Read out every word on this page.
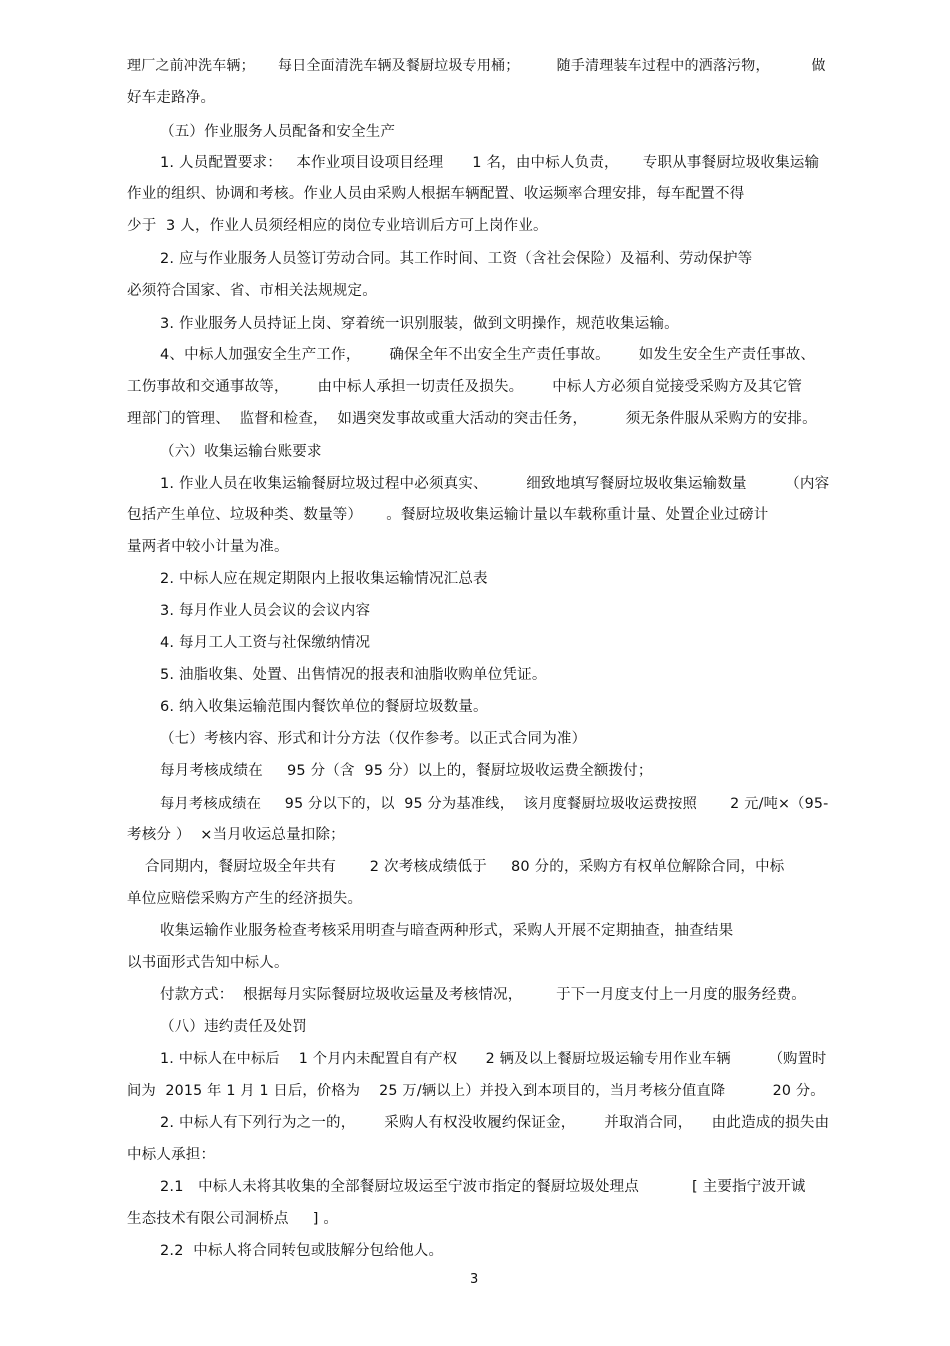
理厂之前冲洗车辆；     每日全面清洗车辆及餐厨垃圾专用桶；        随手清理装车过程中的洒落污物，         做
好车走路净。
（五）作业服务人员配备和安全生产
1. 人员配置要求：   本作业项目设项目经理      1 名，由中标人负责，     专职从事餐厨垃圾收集运输
作业的组织、协调和考核。作业人员由采购人根据车辆配置、收运频率合理安排，每车配置不得
少于  3 人，作业人员须经相应的岗位专业培训后方可上岗作业。
2. 应与作业服务人员签订劳动合同。其工作时间、工资（含社会保险）及福利、劳动保护等
必须符合国家、省、市相关法规规定。
3. 作业服务人员持证上岗、穿着统一识别服装，做到文明操作，规范收集运输。
4、中标人加强安全生产工作，      确保全年不出安全生产责任事故。      如发生安全生产责任事故、
工伤事故和交通事故等，      由中标人承担一切责任及损失。      中标人方必须自觉接受采购方及其它管
理部门的管理、  监督和检查，  如遇突发事故或重大活动的突击任务，        须无条件服从采购方的安排。
（六）收集运输台账要求
1. 作业人员在收集运输餐厨垃圾过程中必须真实、        细致地填写餐厨垃圾收集运输数量        （内容
包括产生单位、垃圾种类、数量等）     。餐厨垃圾收集运输计量以车载称重计量、处置企业过磅计
量两者中较小计量为准。
2. 中标人应在规定期限内上报收集运输情况汇总表
3. 每月作业人员会议的会议内容
4. 每月工人工资与社保缴纳情况
5. 油脂收集、处置、出售情况的报表和油脂收购单位凭证。
6. 纳入收集运输范围内餐饮单位的餐厨垃圾数量。
（七）考核内容、形式和计分方法（仅作参考。以正式合同为准）
每月考核成绩在     95 分（含  95 分）以上的，餐厨垃圾收运费全额拨付；
每月考核成绩在     95 分以下的，以  95 分为基准线，  该月度餐厨垃圾收运费按照       2 元/吨×（95-
考核分 ）  ×当月收运总量扣除；
合同期内，餐厨垃圾全年共有       2 次考核成绩低于     80 分的，采购方有权单位解除合同，中标
单位应赔偿采购方产生的经济损失。
收集运输作业服务检查考核采用明查与暗查两种形式，采购人开展不定期抽查，抽查结果
以书面形式告知中标人。
付款方式：  根据每月实际餐厨垃圾收运量及考核情况，       于下一月度支付上一月度的服务经费。
（八）违约责任及处罚
1. 中标人在中标后    1 个月内未配置自有产权      2 辆及以上餐厨垃圾运输专用作业车辆        （购置时
间为  2015 年 1 月 1 日后，价格为    25 万/辆以上）并投入到本项目的，当月考核分值直降          20 分。
2. 中标人有下列行为之一的，      采购人有权没收履约保证金，      并取消合同，    由此造成的损失由
中标人承担：
2.1   中标人未将其收集的全部餐厨垃圾运至宁波市指定的餐厨垃圾处理点           [ 主要指宁波开诚
生态技术有限公司洞桥点     ] 。
2.2  中标人将合同转包或肢解分包给他人。
3
